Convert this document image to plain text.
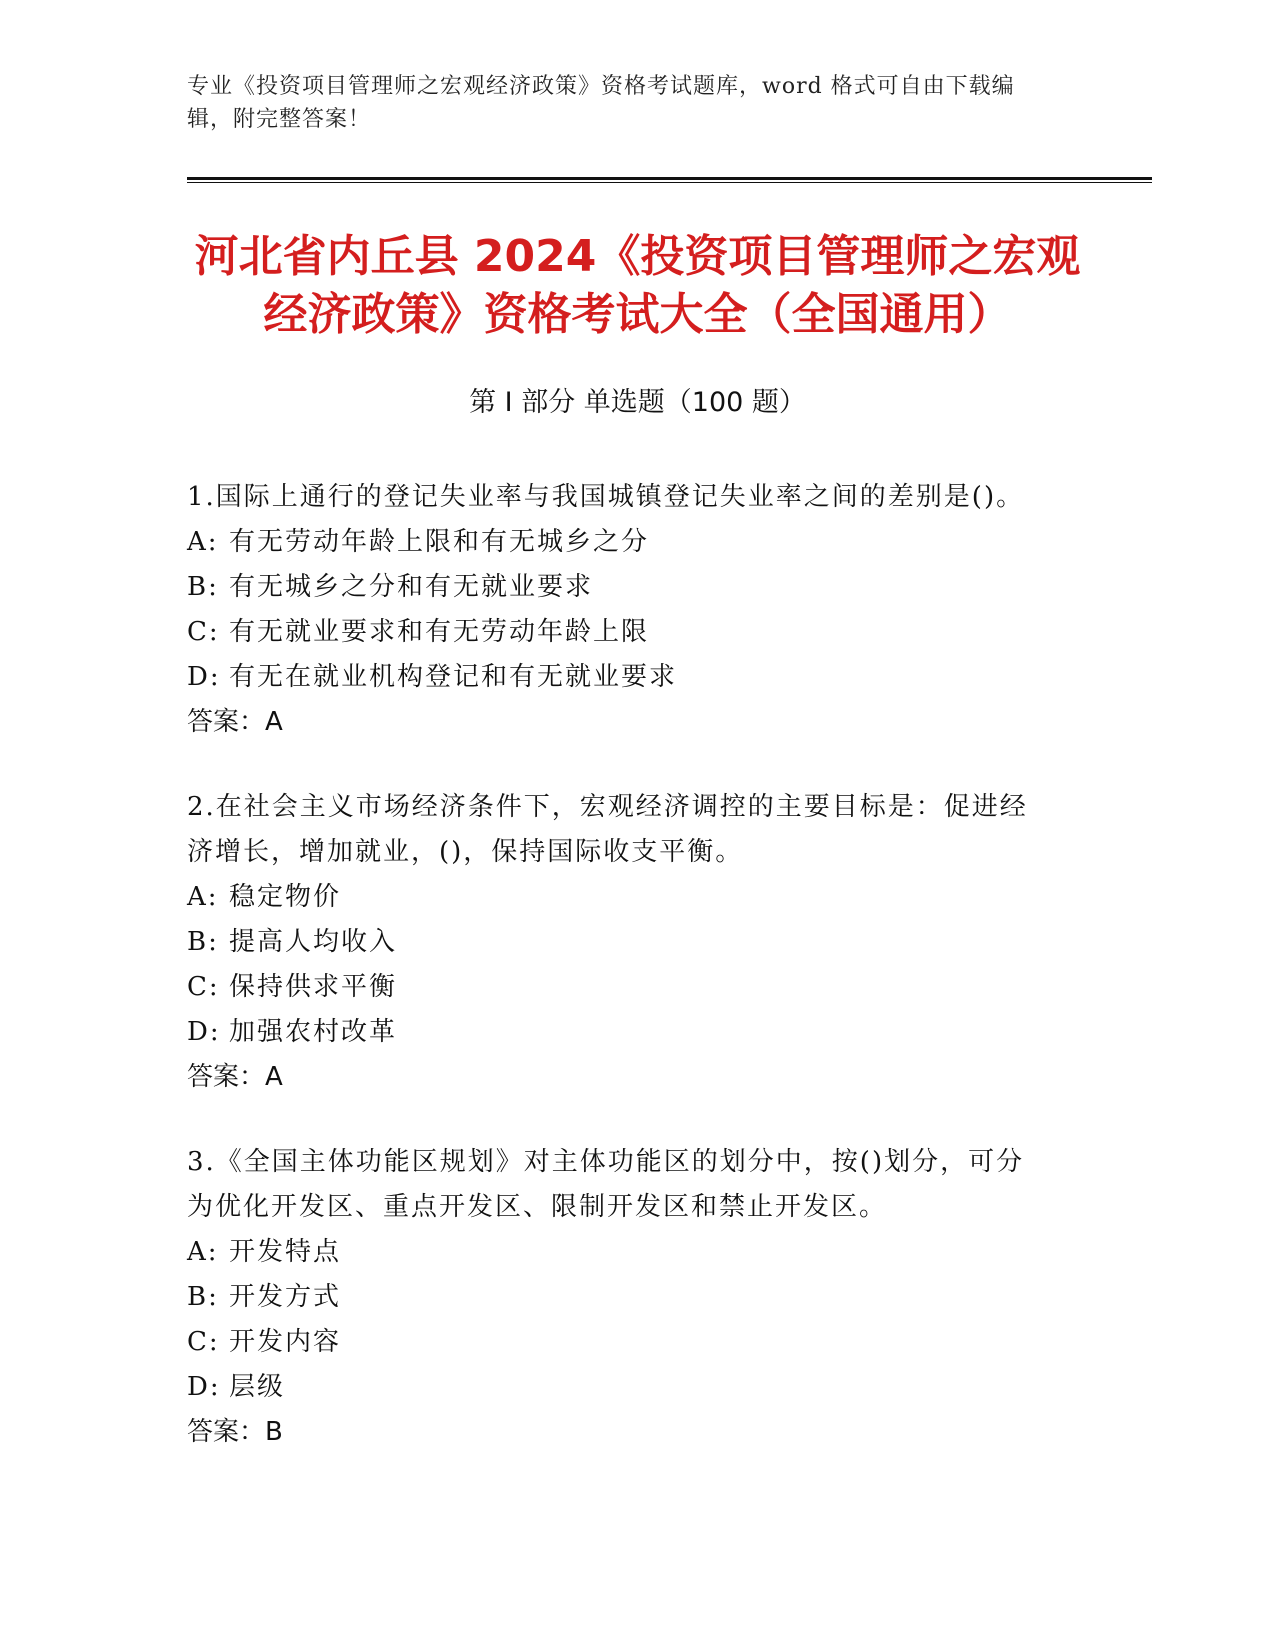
专业《投资项目管理师之宏观经济政策》资格考试题库，word 格式可自由下载编
辑，附完整答案！
河北省内丘县 2024《投资项目管理师之宏观
经济政策》资格考试大全（全国通用）
第 I 部分 单选题（100 题）
1.国际上通行的登记失业率与我国城镇登记失业率之间的差别是()。
A: 有无劳动年龄上限和有无城乡之分
B: 有无城乡之分和有无就业要求
C: 有无就业要求和有无劳动年龄上限
D: 有无在就业机构登记和有无就业要求
答案：A
2.在社会主义市场经济条件下，宏观经济调控的主要目标是：促进经
济增长，增加就业，()，保持国际收支平衡。
A: 稳定物价
B: 提高人均收入
C: 保持供求平衡
D: 加强农村改革
答案：A
3.《全国主体功能区规划》对主体功能区的划分中，按()划分，可分
为优化开发区、重点开发区、限制开发区和禁止开发区。
A: 开发特点
B: 开发方式
C: 开发内容
D: 层级
答案：B
